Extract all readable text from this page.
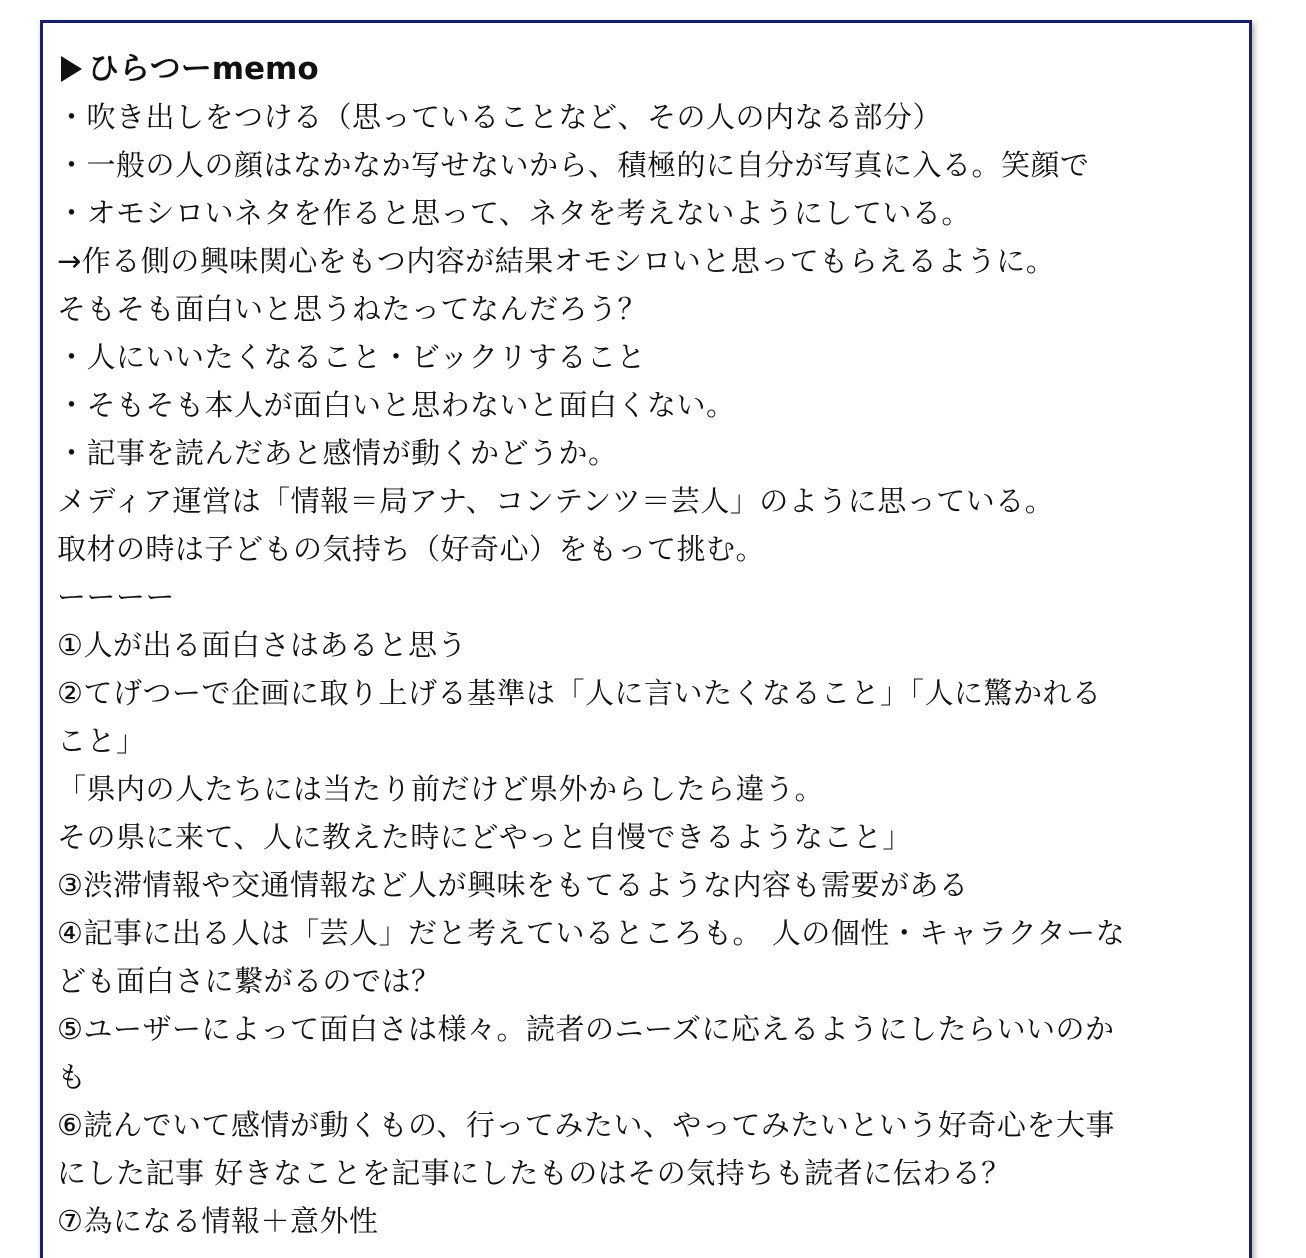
ひらつーmemo

・吹き出しをつける（思っていることなど、その人の内なる部分）

・一般の人の顔はなかなか写せないから、積極的に自分が写真に入る。笑顔で

・オモシロいネタを作ると思って、ネタを考えないようにしている。

→作る側の興味関心をもつ内容が結果オモシロいと思ってもらえるように。

そもそも面白いと思うねたってなんだろう？

・人にいいたくなること・ビックリすること

・そもそも本人が面白いと思わないと面白くない。

・記事を読んだあと感情が動くかどうか。

メディア運営は「情報＝局アナ、コンテンツ＝芸人」のように思っている。

取材の時は子どもの気持ち（好奇心）をもって挑む。

ーーーー

①人が出る面白さはあると思う

②てげつーで企画に取り上げる基準は「人に言いたくなること」「人に驚かれる

こと」

「県内の人たちには当たり前だけど県外からしたら違う。

その県に来て、人に教えた時にどやっと自慢できるようなこと」

③渋滞情報や交通情報など人が興味をもてるような内容も需要がある

④記事に出る人は「芸人」だと考えているところも。 人の個性・キャラクターな

ども面白さに繋がるのでは？

⑤ユーザーによって面白さは様々。読者のニーズに応えるようにしたらいいのか

も

⑥読んでいて感情が動くもの、行ってみたい、やってみたいという好奇心を大事

にした記事 好きなことを記事にしたものはその気持ちも読者に伝わる？

⑦為になる情報＋意外性
